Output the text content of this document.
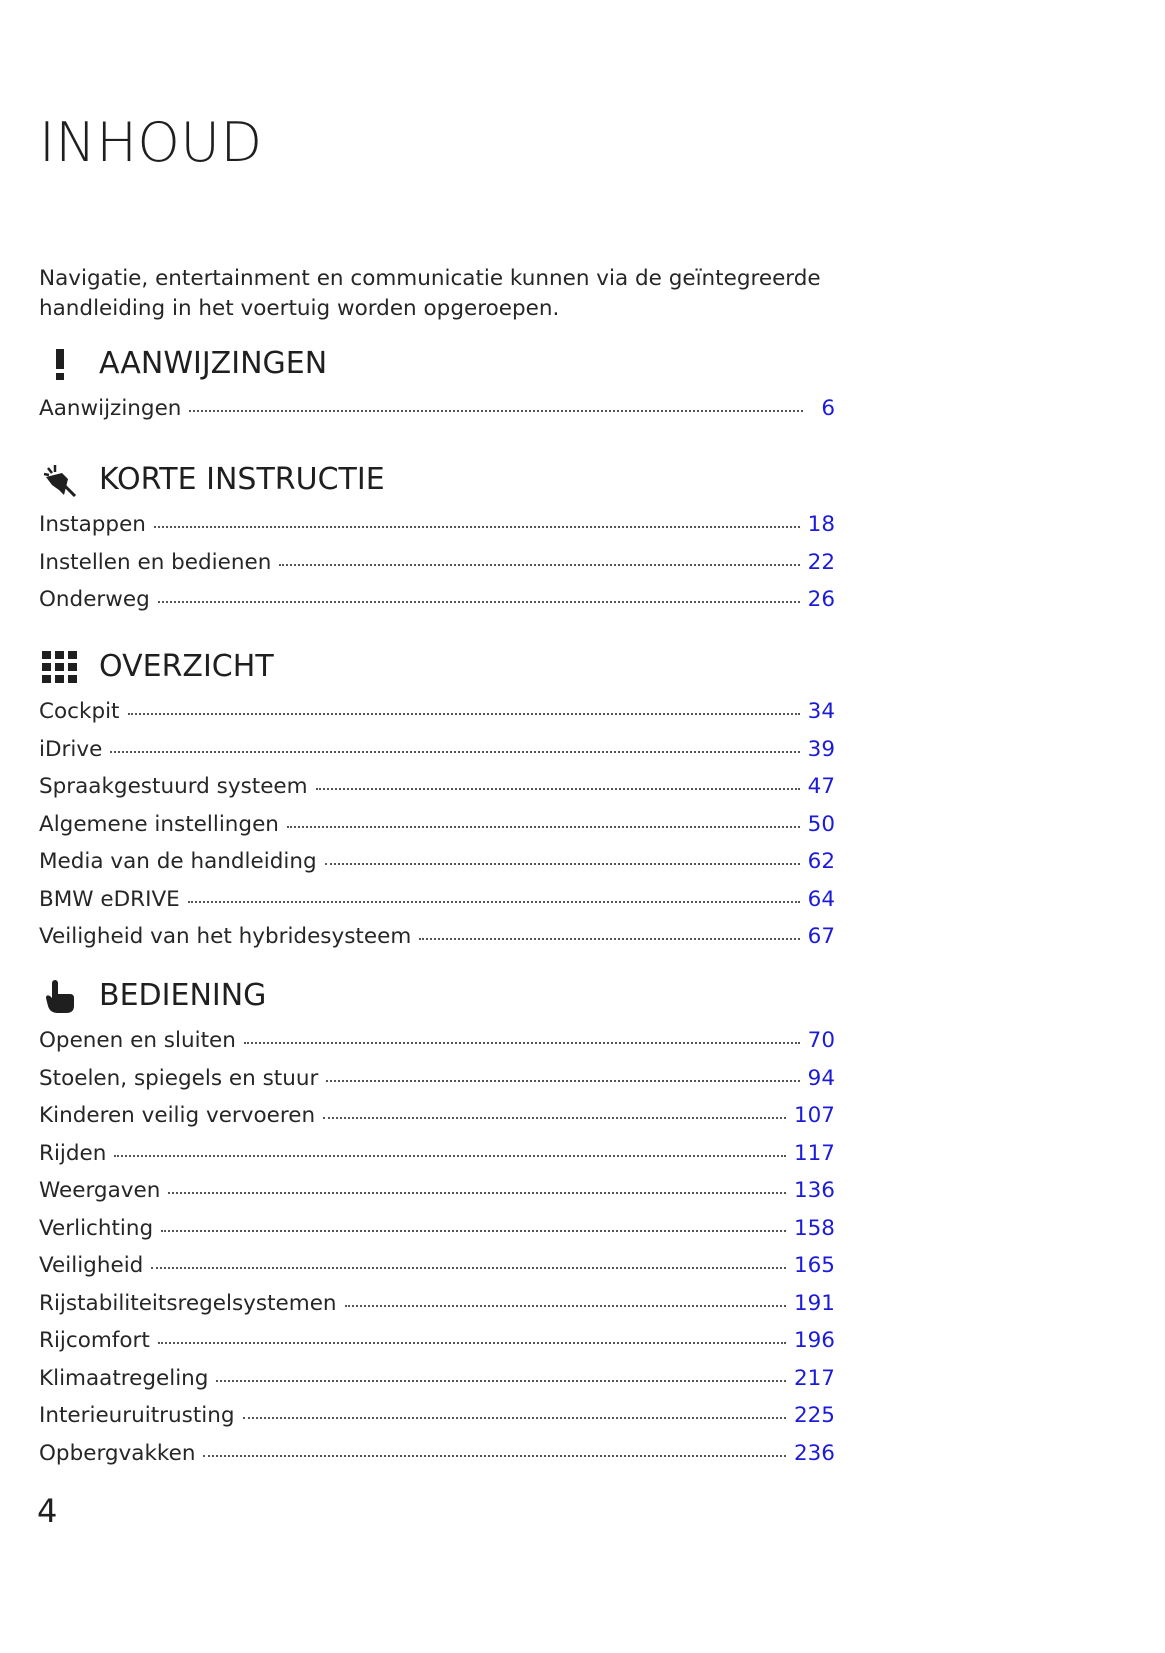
INHOUD
Navigatie, entertainment en communicatie kunnen via de geïntegreerde handleiding in het voertuig worden opgeroepen.
AANWIJZINGEN
Aanwijzingen	6
KORTE INSTRUCTIE
Instappen	18
Instellen en bedienen	22
Onderweg	26
OVERZICHT
Cockpit	34
iDrive	39
Spraakgestuurd systeem	47
Algemene instellingen	50
Media van de handleiding	62
BMW eDRIVE	64
Veiligheid van het hybridesysteem	67
BEDIENING
Openen en sluiten	70
Stoelen, spiegels en stuur	94
Kinderen veilig vervoeren	107
Rijden	117
Weergaven	136
Verlichting	158
Veiligheid	165
Rijstabiliteitsregelsystemen	191
Rijcomfort	196
Klimaatregeling	217
Interieuruitrusting	225
Opbergvakken	236
4
